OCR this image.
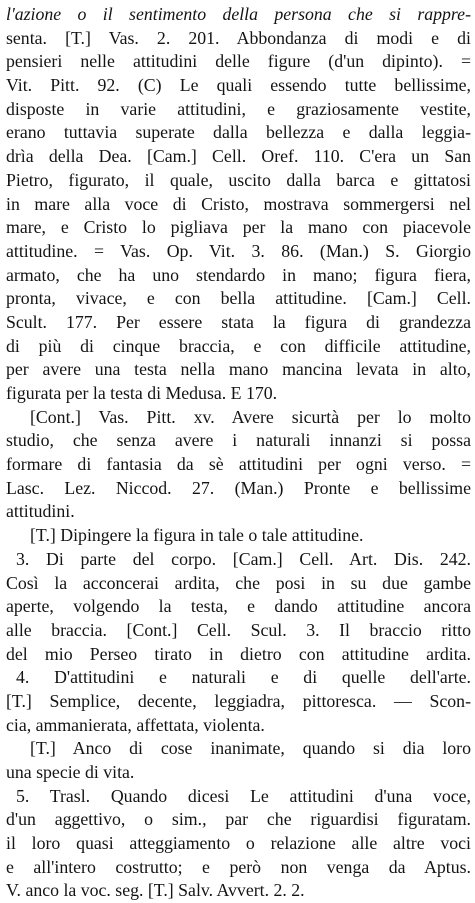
l'azione o il sentimento della persona che si rappre-
senta. [T.] Vas. 2. 201. Abbondanza di modi e di
pensieri nelle attitudini delle figure (d'un dipinto). =
Vit. Pitt. 92. (C) Le quali essendo tutte bellissime,
disposte in varie attitudini, e graziosamente vestite,
erano tuttavia superate dalla bellezza e dalla leggia-
drìa della Dea. [Cam.] Cell. Oref. 110. C'era un San
Pietro, figurato, il quale, uscito dalla barca e gittatosi
in mare alla voce di Cristo, mostrava sommergersi nel
mare, e Cristo lo pigliava per la mano con piacevole
attitudine. = Vas. Op. Vit. 3. 86. (Man.) S. Giorgio
armato, che ha uno stendardo in mano; figura fiera,
pronta, vivace, e con bella attitudine. [Cam.] Cell.
Scult. 177. Per essere stata la figura di grandezza
di più di cinque braccia, e con difficile attitudine,
per avere una testa nella mano mancina levata in alto,
figurata per la testa di Medusa. E 170.
[Cont.] Vas. Pitt. xv. Avere sicurtà per lo molto
studio, che senza avere i naturali innanzi si possa
formare di fantasia da sè attitudini per ogni verso. =
Lasc. Lez. Niccod. 27. (Man.) Pronte e bellissime
attitudini.
[T.] Dipingere la figura in tale o tale attitudine.
3. Di parte del corpo. [Cam.] Cell. Art. Dis. 242.
Così la acconcerai ardita, che posi in su due gambe
aperte, volgendo la testa, e dando attitudine ancora
alle braccia. [Cont.] Cell. Scul. 3. Il braccio ritto
del mio Perseo tirato in dietro con attitudine ardita.
4. D'attitudini e naturali e di quelle dell'arte.
[T.] Semplice, decente, leggiadra, pittoresca. — Scon-
cia, ammanierata, affettata, violenta.
[T.] Anco di cose inanimate, quando si dia loro
una specie di vita.
5. Trasl. Quando dicesi Le attitudini d'una voce,
d'un aggettivo, o sim., par che riguardisi figuratam.
il loro quasi atteggiamento o relazione alle altre voci
e all'intero costrutto; e però non venga da Aptus.
V. anco la voc. seg. [T.] Salv. Avvert. 2. 2.
